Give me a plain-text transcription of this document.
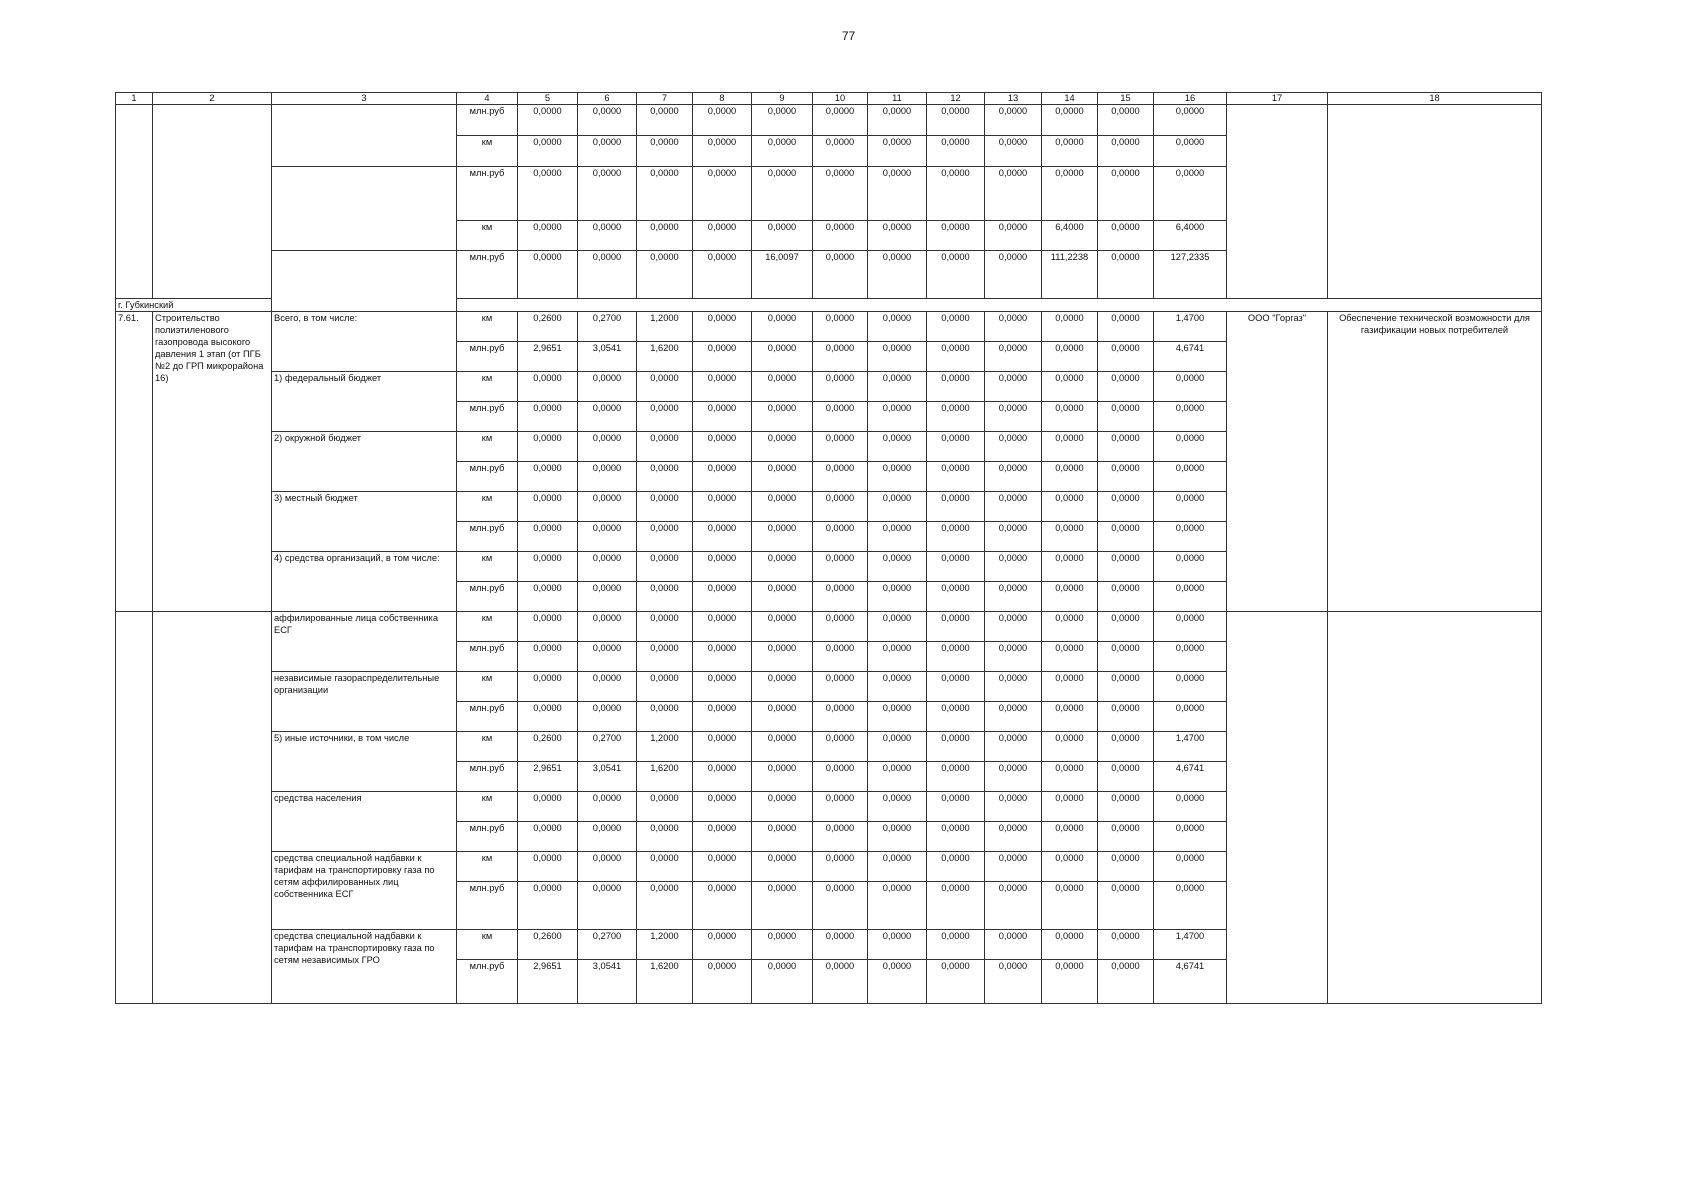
77
1	2	3	4	5	6	7	8	9	10	11	12	13	14	15	16	17	18
			млн.руб	0,0000	0,0000	0,0000	0,0000	0,0000	0,0000	0,0000	0,0000	0,0000	0,0000	0,0000	0,0000		
			км	0,0000	0,0000	0,0000	0,0000	0,0000	0,0000	0,0000	0,0000	0,0000	0,0000	0,0000	0,0000		
			млн.руб	0,0000	0,0000	0,0000	0,0000	0,0000	0,0000	0,0000	0,0000	0,0000	0,0000	0,0000	0,0000		
			км	0,0000	0,0000	0,0000	0,0000	0,0000	0,0000	0,0000	0,0000	0,0000	6,4000	0,0000	6,4000		
			млн.руб	0,0000	0,0000	0,0000	0,0000	16,0097	0,0000	0,0000	0,0000	0,0000	111,2238	0,0000	127,2335		
г. Губкинский																	
7.61.	Строительство полиэтиленового газопровода высокого давления 1 этап (от ПГБ №2 до ГРП микрорайона 16)	Всего, в том числе:	км	0,2600	0,2700	1,2000	0,0000	0,0000	0,0000	0,0000	0,0000	0,0000	0,0000	0,0000	1,4700	ООО "Горгаз"	Обеспечение технической возможности для газификации новых потребителей
			млн.руб	2,9651	3,0541	1,6200	0,0000	0,0000	0,0000	0,0000	0,0000	0,0000	0,0000	0,0000	4,6741		
		1) федеральный бюджет	км	0,0000	0,0000	0,0000	0,0000	0,0000	0,0000	0,0000	0,0000	0,0000	0,0000	0,0000	0,0000		
			млн.руб	0,0000	0,0000	0,0000	0,0000	0,0000	0,0000	0,0000	0,0000	0,0000	0,0000	0,0000	0,0000		
		2) окружной бюджет	км	0,0000	0,0000	0,0000	0,0000	0,0000	0,0000	0,0000	0,0000	0,0000	0,0000	0,0000	0,0000		
			млн.руб	0,0000	0,0000	0,0000	0,0000	0,0000	0,0000	0,0000	0,0000	0,0000	0,0000	0,0000	0,0000		
		3) местный бюджет	км	0,0000	0,0000	0,0000	0,0000	0,0000	0,0000	0,0000	0,0000	0,0000	0,0000	0,0000	0,0000		
			млн.руб	0,0000	0,0000	0,0000	0,0000	0,0000	0,0000	0,0000	0,0000	0,0000	0,0000	0,0000	0,0000		
		4) средства организаций, в том числе:	км	0,0000	0,0000	0,0000	0,0000	0,0000	0,0000	0,0000	0,0000	0,0000	0,0000	0,0000	0,0000		
			млн.руб	0,0000	0,0000	0,0000	0,0000	0,0000	0,0000	0,0000	0,0000	0,0000	0,0000	0,0000	0,0000		
		аффилированные лица собственника ЕСГ	км	0,0000	0,0000	0,0000	0,0000	0,0000	0,0000	0,0000	0,0000	0,0000	0,0000	0,0000	0,0000		
			млн.руб	0,0000	0,0000	0,0000	0,0000	0,0000	0,0000	0,0000	0,0000	0,0000	0,0000	0,0000	0,0000		
		независимые газораспределительные организации	км	0,0000	0,0000	0,0000	0,0000	0,0000	0,0000	0,0000	0,0000	0,0000	0,0000	0,0000	0,0000		
			млн.руб	0,0000	0,0000	0,0000	0,0000	0,0000	0,0000	0,0000	0,0000	0,0000	0,0000	0,0000	0,0000		
		5) иные источники, в том числе	км	0,2600	0,2700	1,2000	0,0000	0,0000	0,0000	0,0000	0,0000	0,0000	0,0000	0,0000	1,4700		
			млн.руб	2,9651	3,0541	1,6200	0,0000	0,0000	0,0000	0,0000	0,0000	0,0000	0,0000	0,0000	4,6741		
		средства населения	км	0,0000	0,0000	0,0000	0,0000	0,0000	0,0000	0,0000	0,0000	0,0000	0,0000	0,0000	0,0000		
			млн.руб	0,0000	0,0000	0,0000	0,0000	0,0000	0,0000	0,0000	0,0000	0,0000	0,0000	0,0000	0,0000		
		средства специальной надбавки к тарифам на транспортировку газа по сетям аффилированных лиц собственника ЕСГ	км	0,0000	0,0000	0,0000	0,0000	0,0000	0,0000	0,0000	0,0000	0,0000	0,0000	0,0000	0,0000		
			млн.руб	0,0000	0,0000	0,0000	0,0000	0,0000	0,0000	0,0000	0,0000	0,0000	0,0000	0,0000	0,0000		
		средства специальной надбавки к тарифам на транспортировку газа по сетям независимых ГРО	км	0,2600	0,2700	1,2000	0,0000	0,0000	0,0000	0,0000	0,0000	0,0000	0,0000	0,0000	1,4700		
			млн.руб	2,9651	3,0541	1,6200	0,0000	0,0000	0,0000	0,0000	0,0000	0,0000	0,0000	0,0000	4,6741		
